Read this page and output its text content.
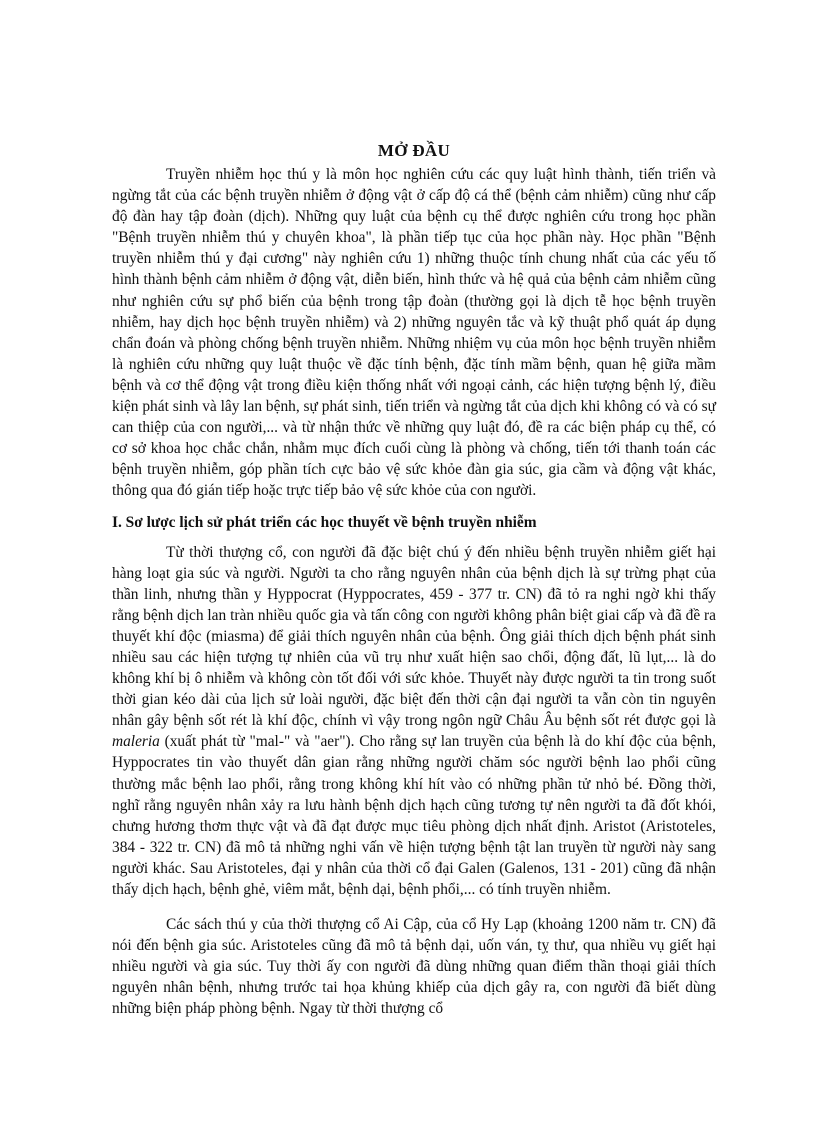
MỞ ĐẦU

Truyền nhiễm học thú y là môn học nghiên cứu các quy luật hình thành, tiến triển và ngừng tắt của các bệnh truyền nhiễm ở động vật ở cấp độ cá thể (bệnh cảm nhiễm) cũng như cấp độ đàn hay tập đoàn (dịch). Những quy luật của bệnh cụ thể được nghiên cứu trong học phần "Bệnh truyền nhiễm thú y chuyên khoa", là phần tiếp tục của học phần này. Học phần "Bệnh truyền nhiễm thú y đại cương" này nghiên cứu 1) những thuộc tính chung nhất của các yếu tố hình thành bệnh cảm nhiễm ở động vật, diễn biến, hình thức và hệ quả của bệnh cảm nhiễm cũng như nghiên cứu sự phổ biến của bệnh trong tập đoàn (thường gọi là dịch tễ học bệnh truyền nhiễm, hay dịch học bệnh truyền nhiễm) và 2) những nguyên tắc và kỹ thuật phổ quát áp dụng chẩn đoán và phòng chống bệnh truyền nhiễm. Những nhiệm vụ của môn học bệnh truyền nhiễm là nghiên cứu những quy luật thuộc về đặc tính bệnh, đặc tính mầm bệnh, quan hệ giữa mầm bệnh và cơ thể động vật trong điều kiện thống nhất với ngoại cảnh, các hiện tượng bệnh lý, điều kiện phát sinh và lây lan bệnh, sự phát sinh, tiến triển và ngừng tắt của dịch khi không có và có sự can thiệp của con người,... và từ nhận thức về những quy luật đó, đề ra các biện pháp cụ thể, có cơ sở khoa học chắc chắn, nhằm mục đích cuối cùng là phòng và chống, tiến tới thanh toán các bệnh truyền nhiễm, góp phần tích cực bảo vệ sức khỏe đàn gia súc, gia cầm và động vật khác, thông qua đó gián tiếp hoặc trực tiếp bảo vệ sức khỏe của con người.

I. Sơ lược lịch sử phát triển các học thuyết về bệnh truyền nhiễm

Từ thời thượng cổ, con người đã đặc biệt chú ý đến nhiều bệnh truyền nhiễm giết hại hàng loạt gia súc và người. Người ta cho rằng nguyên nhân của bệnh dịch là sự trừng phạt của thần linh, nhưng thần y Hyppocrat (Hyppocrates, 459 - 377 tr. CN) đã tỏ ra nghi ngờ khi thấy rằng bệnh dịch lan tràn nhiều quốc gia và tấn công con người không phân biệt giai cấp và đã đề ra thuyết khí độc (miasma) để giải thích nguyên nhân của bệnh. Ông giải thích dịch bệnh phát sinh nhiều sau các hiện tượng tự nhiên của vũ trụ như xuất hiện sao chổi, động đất, lũ lụt,... là do không khí bị ô nhiễm và không còn tốt đối với sức khỏe. Thuyết này được người ta tin trong suốt thời gian kéo dài của lịch sử loài người, đặc biệt đến thời cận đại người ta vẫn còn tin nguyên nhân gây bệnh sốt rét là khí độc, chính vì vậy trong ngôn ngữ Châu Âu bệnh sốt rét được gọi là maleria (xuất phát từ "mal-" và "aer"). Cho rằng sự lan truyền của bệnh là do khí độc của bệnh, Hyppocrates tin vào thuyết dân gian rằng những người chăm sóc người bệnh lao phổi cũng thường mắc bệnh lao phổi, rằng trong không khí hít vào có những phần tử nhỏ bé. Đồng thời, nghĩ rằng nguyên nhân xảy ra lưu hành bệnh dịch hạch cũng tương tự nên người ta đã đốt khói, chưng hương thơm thực vật và đã đạt được mục tiêu phòng dịch nhất định. Aristot (Aristoteles, 384 - 322 tr. CN) đã mô tả những nghi vấn về hiện tượng bệnh tật lan truyền từ người này sang người khác. Sau Aristoteles, đại y nhân của thời cổ đại Galen (Galenos, 131 - 201) cũng đã nhận thấy dịch hạch, bệnh ghẻ, viêm mắt, bệnh dại, bệnh phổi,... có tính truyền nhiễm.

Các sách thú y của thời thượng cổ Ai Cập, của cổ Hy Lạp (khoảng 1200 năm tr. CN) đã nói đến bệnh gia súc. Aristoteles cũng đã mô tả bệnh dại, uốn ván, tỵ thư, qua nhiều vụ giết hại nhiều người và gia súc. Tuy thời ấy con người đã dùng những quan điểm thần thoại giải thích nguyên nhân bệnh, nhưng trước tai họa khủng khiếp của dịch gây ra, con người đã biết dùng những biện pháp phòng bệnh. Ngay từ thời thượng cổ
